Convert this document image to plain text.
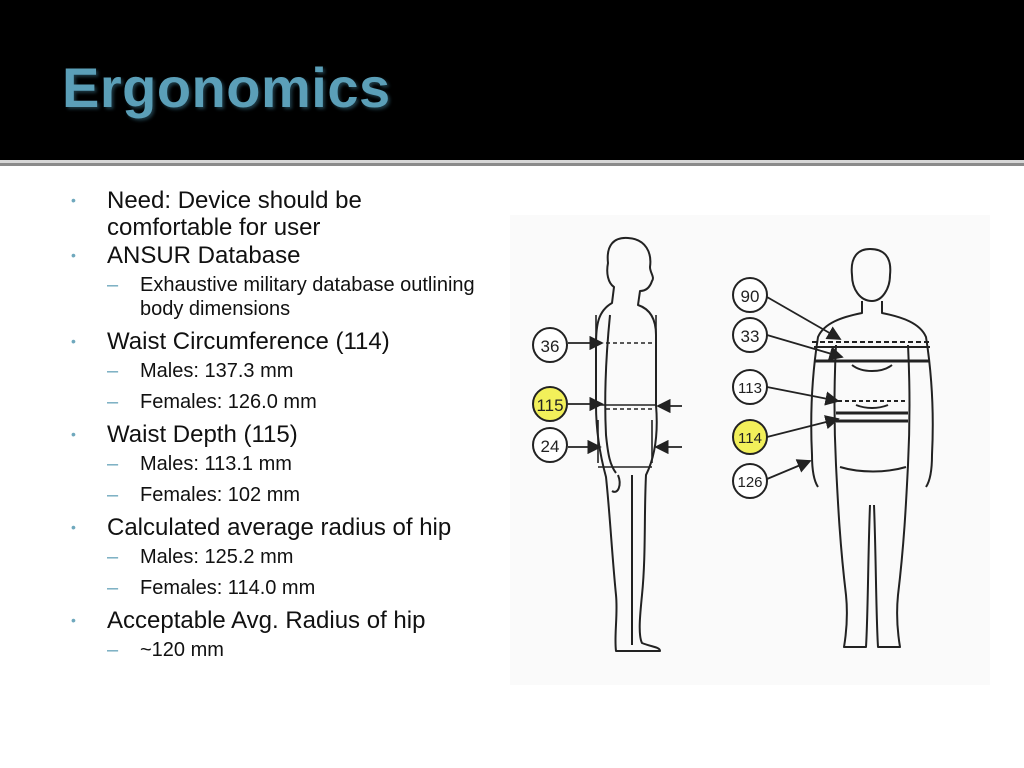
Ergonomics
• Need: Device should be comfortable for user
• ANSUR Database
– Exhaustive military database outlining body dimensions
• Waist Circumference (114)
– Males: 137.3 mm
– Females: 126.0 mm
• Waist Depth (115)
– Males: 113.1 mm
– Females: 102 mm
• Calculated average radius of hip
– Males: 125.2 mm
– Females: 114.0 mm
• Acceptable Avg. Radius of hip
– ~120 mm
36
115
24
90
33
113
114
126
